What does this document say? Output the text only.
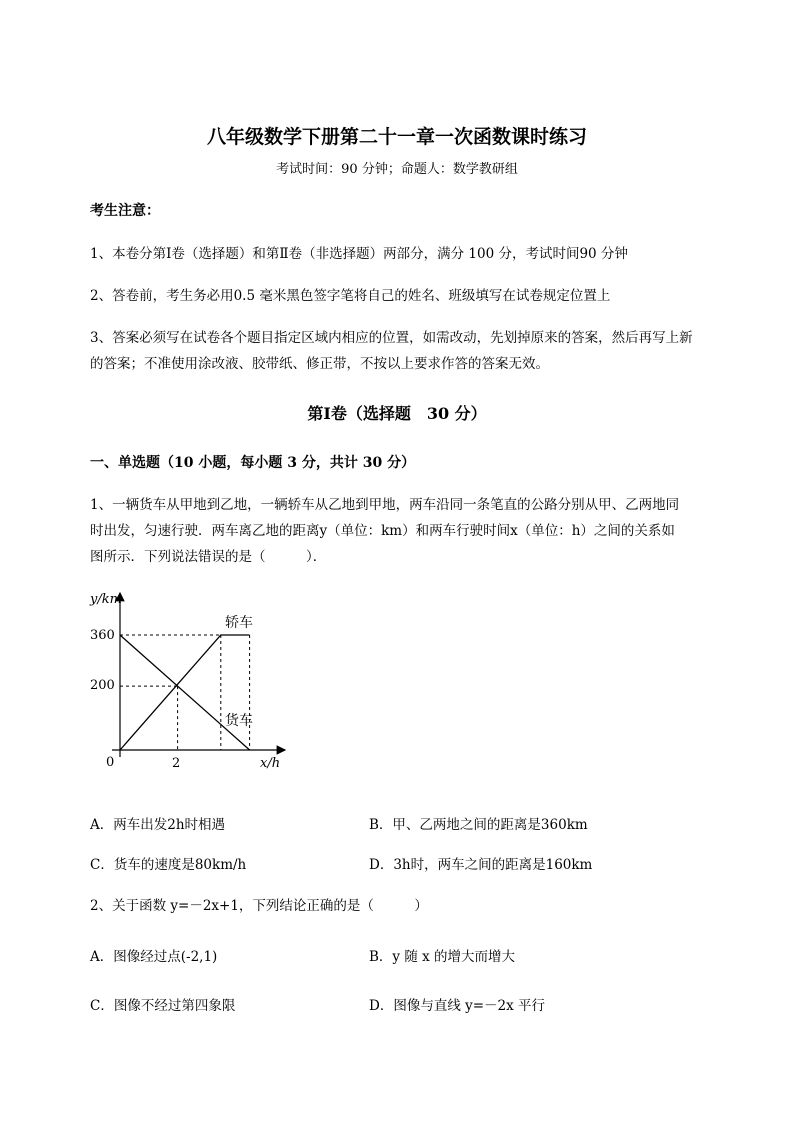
八年级数学下册第二十一章一次函数课时练习
考试时间：90 分钟；命题人：数学教研组
考生注意：
1、本卷分第Ⅰ卷（选择题）和第Ⅱ卷（非选择题）两部分，满分 100 分，考试时间90 分钟
2、答卷前，考生务必用0.5 毫米黑色签字笔将自己的姓名、班级填写在试卷规定位置上
3、答案必须写在试卷各个题目指定区域内相应的位置，如需改动，先划掉原来的答案，然后再写上新
的答案；不准使用涂改液、胶带纸、修正带，不按以上要求作答的答案无效。
第Ⅰ卷（选择题　30 分）
一、单选题（10 小题，每小题 3 分，共计 30 分）
1、一辆货车从甲地到乙地，一辆轿车从乙地到甲地，两车沿同一条笔直的公路分别从甲、乙两地同
时出发，匀速行驶．两车离乙地的距离y（单位：km）和两车行驶时间x（单位：h）之间的关系如
图所示．下列说法错误的是（　　　）．
y/km
x/h
0
360
200
2
轿车
货车
A．两车出发2h时相遇	B．甲、乙两地之间的距离是360km
C．货车的速度是80km/h	D．3h时，两车之间的距离是160km
2、关于函数 y=－2x+1，下列结论正确的是（　　　）
A．图像经过点(-2,1)	B．y 随 x 的增大而增大
C．图像不经过第四象限	D．图像与直线 y=－2x 平行
